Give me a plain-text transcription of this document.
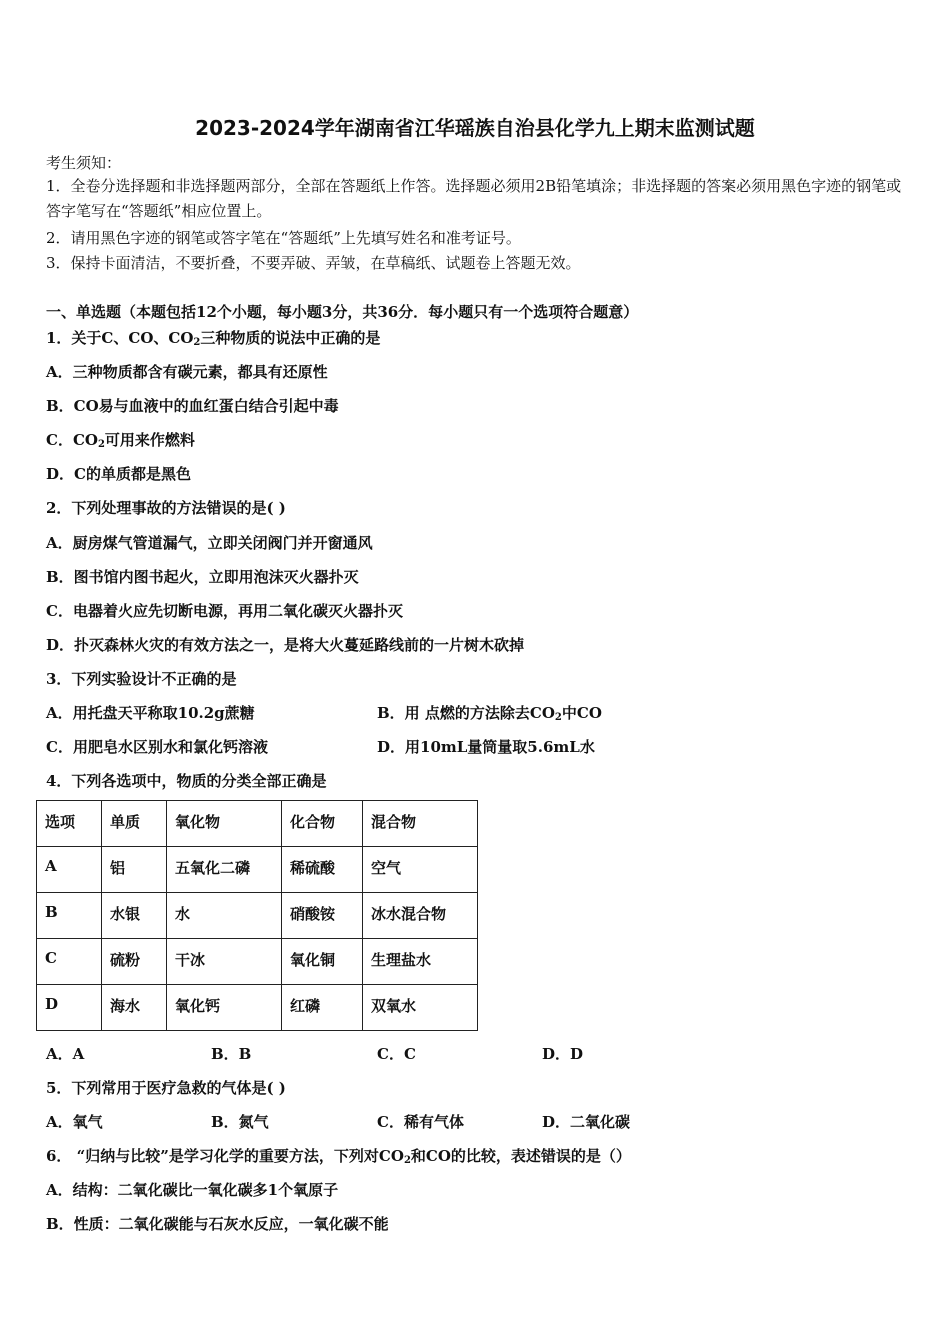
2023-2024学年湖南省江华瑶族自治县化学九上期末监测试题
考生须知：
1．全卷分选择题和非选择题两部分，全部在答题纸上作答。选择题必须用2B铅笔填涂；非选择题的答案必须用黑色字迹的钢笔或答字笔写在“答题纸”相应位置上。
2．请用黑色字迹的钢笔或答字笔在“答题纸”上先填写姓名和准考证号。
3．保持卡面清洁，不要折叠，不要弄破、弄皱，在草稿纸、试题卷上答题无效。
一、单选题（本题包括12个小题，每小题3分，共36分．每小题只有一个选项符合题意）
1．关于C、CO、$CO_2$三种物质的说法中正确的是
A．三种物质都含有碳元素，都具有还原性
B．CO易与血液中的血红蛋白结合引起中毒
C．$CO_2$可用来作燃料
D．C的单质都是黑色
2．下列处理事故的方法错误的是( )
A．厨房煤气管道漏气，立即关闭阀门并开窗通风
B．图书馆内图书起火，立即用泡沫灭火器扑灭
C．电器着火应先切断电源，再用二氧化碳灭火器扑灭
D．扑灭森林火灾的有效方法之一，是将大火蔓延路线前的一片树木砍掉
3．下列实验设计不正确的是
A．用托盘天平称取10.2g蔗糖	B．用 点燃的方法除去$CO_2$中CO
C．用肥皂水区别水和氯化钙溶液	D．用10mL量筒量取5.6mL水
4．下列各选项中，物质的分类全部正确是
选项	单质	氧化物	化合物	混合物
A	铝	五氧化二磷	稀硫酸	空气
B	水银	水	硝酸铵	冰水混合物
C	硫粉	干冰	氧化铜	生理盐水
D	海水	氧化钙	红磷	双氧水
A．A	B．B	C．C	D．D
5．下列常用于医疗急救的气体是( )
A．氧气	B．氮气	C．稀有气体	D．二氧化碳
6． “归纳与比较”是学习化学的重要方法，下列对$CO_2$和CO的比较，表述错误的是（）
A．结构：二氧化碳比一氧化碳多1个氧原子
B．性质：二氧化碳能与石灰水反应，一氧化碳不能
